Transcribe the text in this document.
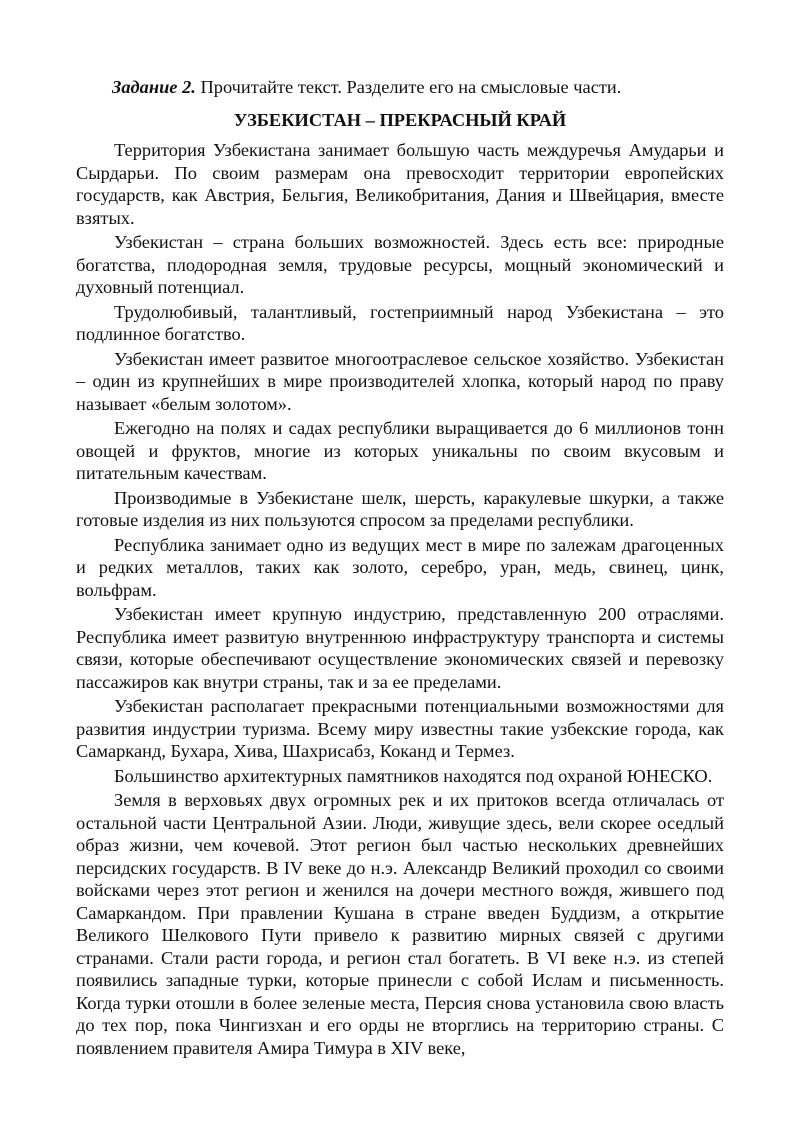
Задание 2. Прочитайте текст. Разделите его на смысловые части.
УЗБЕКИСТАН – ПРЕКРАСНЫЙ КРАЙ

Территория Узбекистана занимает большую часть междуречья Амударьи и Сырдарьи. По своим размерам она превосходит территории европейских государств, как Австрия, Бельгия, Великобритания, Дания и Швейцария, вместе взятых.

Узбекистан – страна больших возможностей. Здесь есть все: природные богатства, плодородная земля, трудовые ресурсы, мощный экономический и духовный потенциал.

Трудолюбивый, талантливый, гостеприимный народ Узбекистана – это подлинное богатство.

Узбекистан имеет развитое многоотраслевое сельское хозяйство. Узбекистан – один из крупнейших в мире производителей хлопка, который народ по праву называет «белым золотом».

Ежегодно на полях и садах республики выращивается до 6 миллионов тонн овощей и фруктов, многие из которых уникальны по своим вкусовым и питательным качествам.

Производимые в Узбекистане шелк, шерсть, каракулевые шкурки, а также готовые изделия из них пользуются спросом за пределами республики.

Республика занимает одно из ведущих мест в мире по залежам драгоценных и редких металлов, таких как золото, серебро, уран, медь, свинец, цинк, вольфрам.

Узбекистан имеет крупную индустрию, представленную 200 отраслями. Республика имеет развитую внутреннюю инфраструктуру транспорта и системы связи, которые обеспечивают осуществление экономических связей и перевозку пассажиров как внутри страны, так и за ее пределами.

Узбекистан располагает прекрасными потенциальными возможностями для развития индустрии туризма. Всему миру известны такие узбекские города, как Самарканд, Бухара, Хива, Шахрисабз, Коканд и Термез.

Большинство архитектурных памятников находятся под охраной ЮНЕСКО.

Земля в верховьях двух огромных рек и их притоков всегда отличалась от остальной части Центральной Азии. Люди, живущие здесь, вели скорее оседлый образ жизни, чем кочевой. Этот регион был частью нескольких древнейших персидских государств. В IV веке до н.э. Александр Великий проходил со своими войсками через этот регион и женился на дочери местного вождя, жившего под Самаркандом. При правлении Кушана в стране введен Буддизм, а открытие Великого Шелкового Пути привело к развитию мирных связей с другими странами. Стали расти города, и регион стал богатеть. В VI веке н.э. из степей появились западные турки, которые принесли с собой Ислам и письменность. Когда турки отошли в более зеленые места, Персия снова установила свою власть до тех пор, пока Чингизхан и его орды не вторглись на территорию страны. С появлением правителя Амира Тимура в XIV веке,
